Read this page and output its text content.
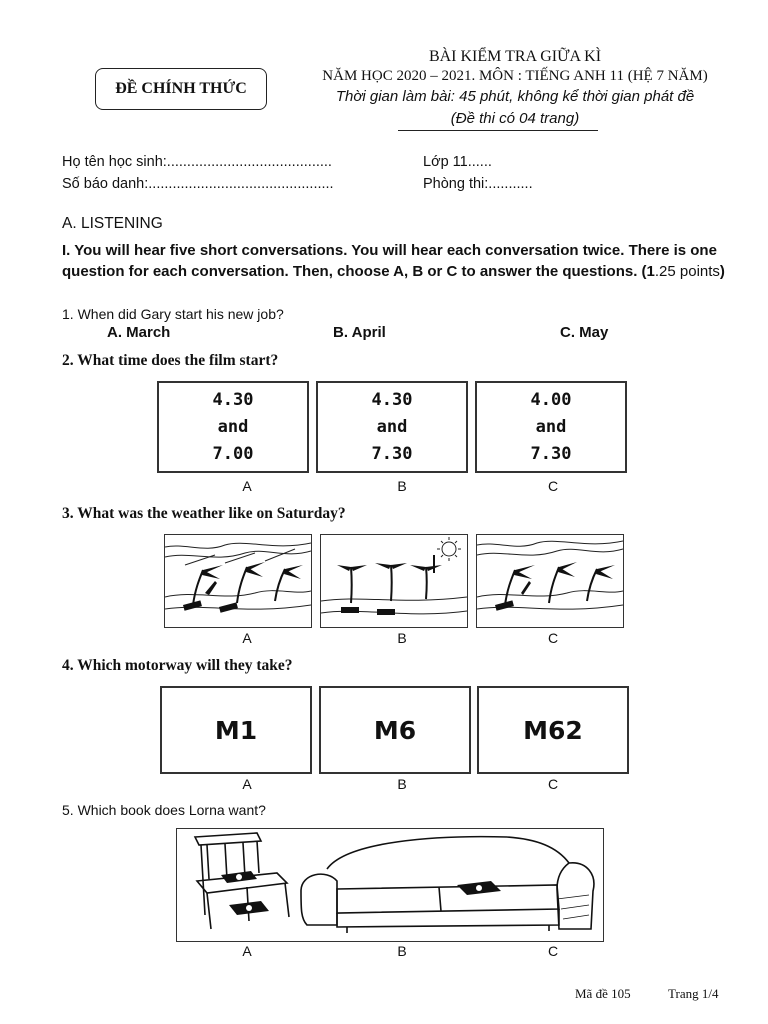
ĐỀ CHÍNH THỨC
BÀI KIỂM TRA GIỮA KÌ
NĂM HỌC 2020 – 2021. MÔN : TIẾNG ANH 11 (HỆ 7 NĂM)
Thời gian làm bài: 45 phút, không kể thời gian phát đề
(Đề thi có 04 trang)
Họ tên học sinh:.........................................	Lớp 11......
Số báo danh:..............................................	Phòng thi:...........
A. LISTENING
I. You will hear five short conversations. You will hear each conversation twice. There is one question for each conversation. Then, choose A, B or C to answer the questions. (1.25 points)
1. When did Gary start his new job?
A. March	B. April	C. May
2. What time does the film start?
4.30
and
7.00
4.30
and
7.30
4.00
and
7.30
A	B	C
3. What was the weather like on Saturday?
A	B	C
4. Which motorway will they take?
M1	M6	M62
A	B	C
5. Which book does Lorna want?
A	B	C
Mã đề 105	Trang 1/4
